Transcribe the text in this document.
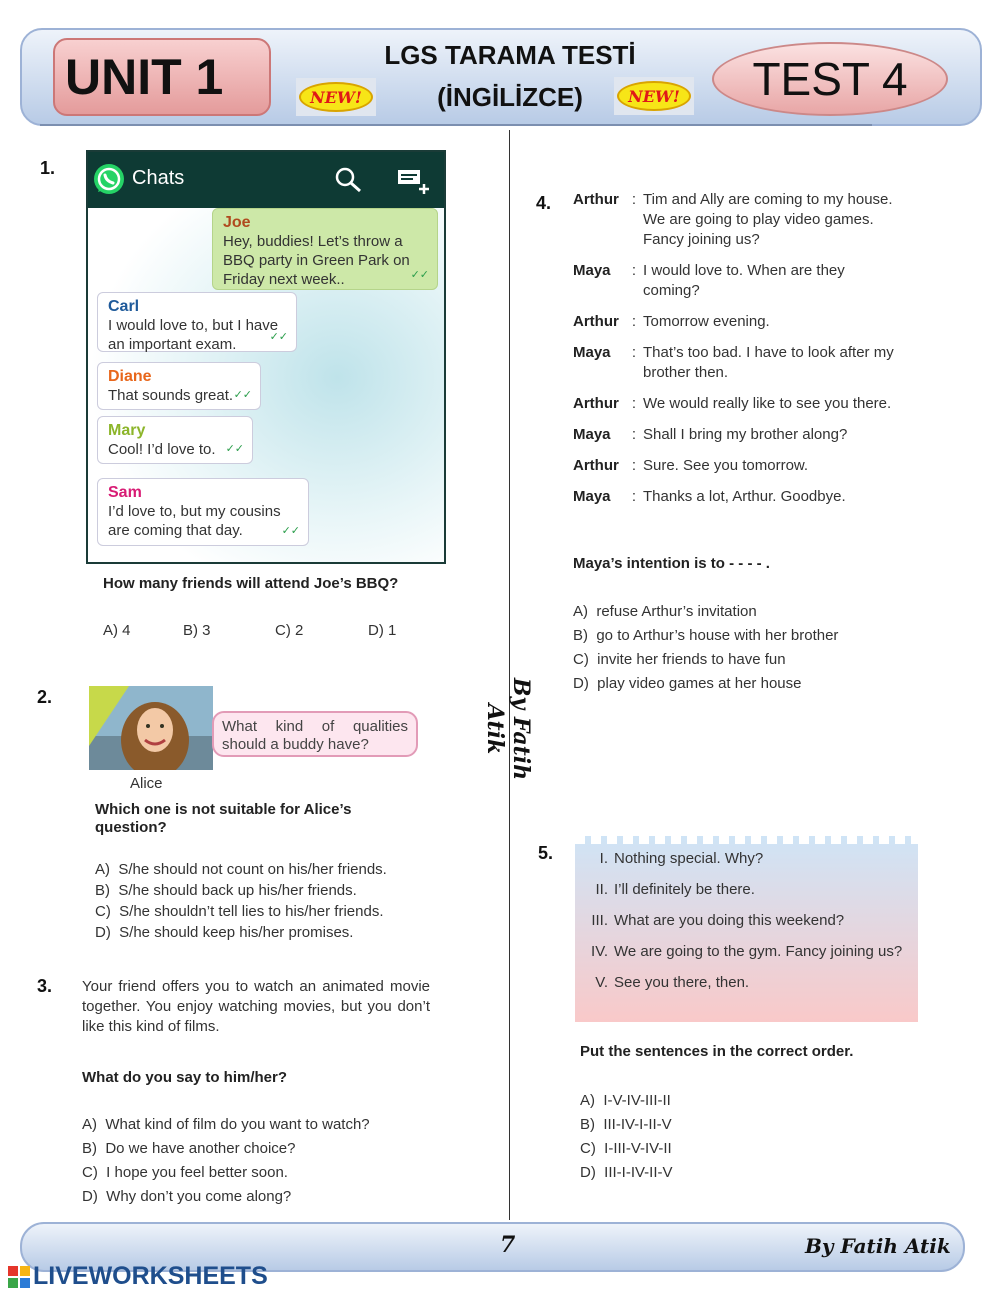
UNIT 1	LGS TARAMA TESTİ
(İNGİLİZCE)
NEW!	NEW!	TEST 4
1.	Chats
Joe
Hey, buddies! Let’s throw a BBQ party in Green Park on Friday next week..	✓✓
Carl
I would love to, but I have an important exam.	✓✓
Diane
That sounds great. ✓✓
Mary
Cool! I’d love to. ✓✓
Sam
I’d love to, but my cousins are coming that day.	✓✓
How many friends will attend Joe’s BBQ?
A) 4	B) 3	C) 2	D) 1
2.
What kind of qualities should a buddy have?
Alice
Which one is not suitable for Alice’s question?
A) S/he should not count on his/her friends.
B) S/he should back up his/her friends.
C) S/he shouldn’t tell lies to his/her friends.
D) S/he should keep his/her promises.
3. Your friend offers you to watch an animated movie together. You enjoy watching movies, but you don’t like this kind of films.
What do you say to him/her?
A) What kind of film do you want to watch?
B) Do we have another choice?
C) I hope you feel better soon.
D) Why don’t you come along?
By Fatih Atik
4. Arthur : Tim and Ally are coming to my house. We are going to play video games. Fancy joining us?
Maya	: I would love to. When are they coming?
Arthur : Tomorrow evening.
Maya	: That’s too bad. I have to look after my brother then.
Arthur : We would really like to see you there.
Maya	: Shall I bring my brother along?
Arthur : Sure. See you tomorrow.
Maya	: Thanks a lot, Arthur. Goodbye.
Maya’s intention is to - - - - .
A) refuse Arthur’s invitation
B) go to Arthur’s house with her brother
C) invite her friends to have fun
D) play video games at her house
5.	I. Nothing special. Why?
II. I’ll definitely be there.
III. What are you doing this weekend?
IV. We are going to the gym. Fancy joining us?
V. See you there, then.
Put the sentences in the correct order.
A) I-V-IV-III-II
B) III-IV-I-II-V
C) I-III-V-IV-II
D) III-I-IV-II-V
7	By Fatih Atik
LIVEWORKSHEETS
